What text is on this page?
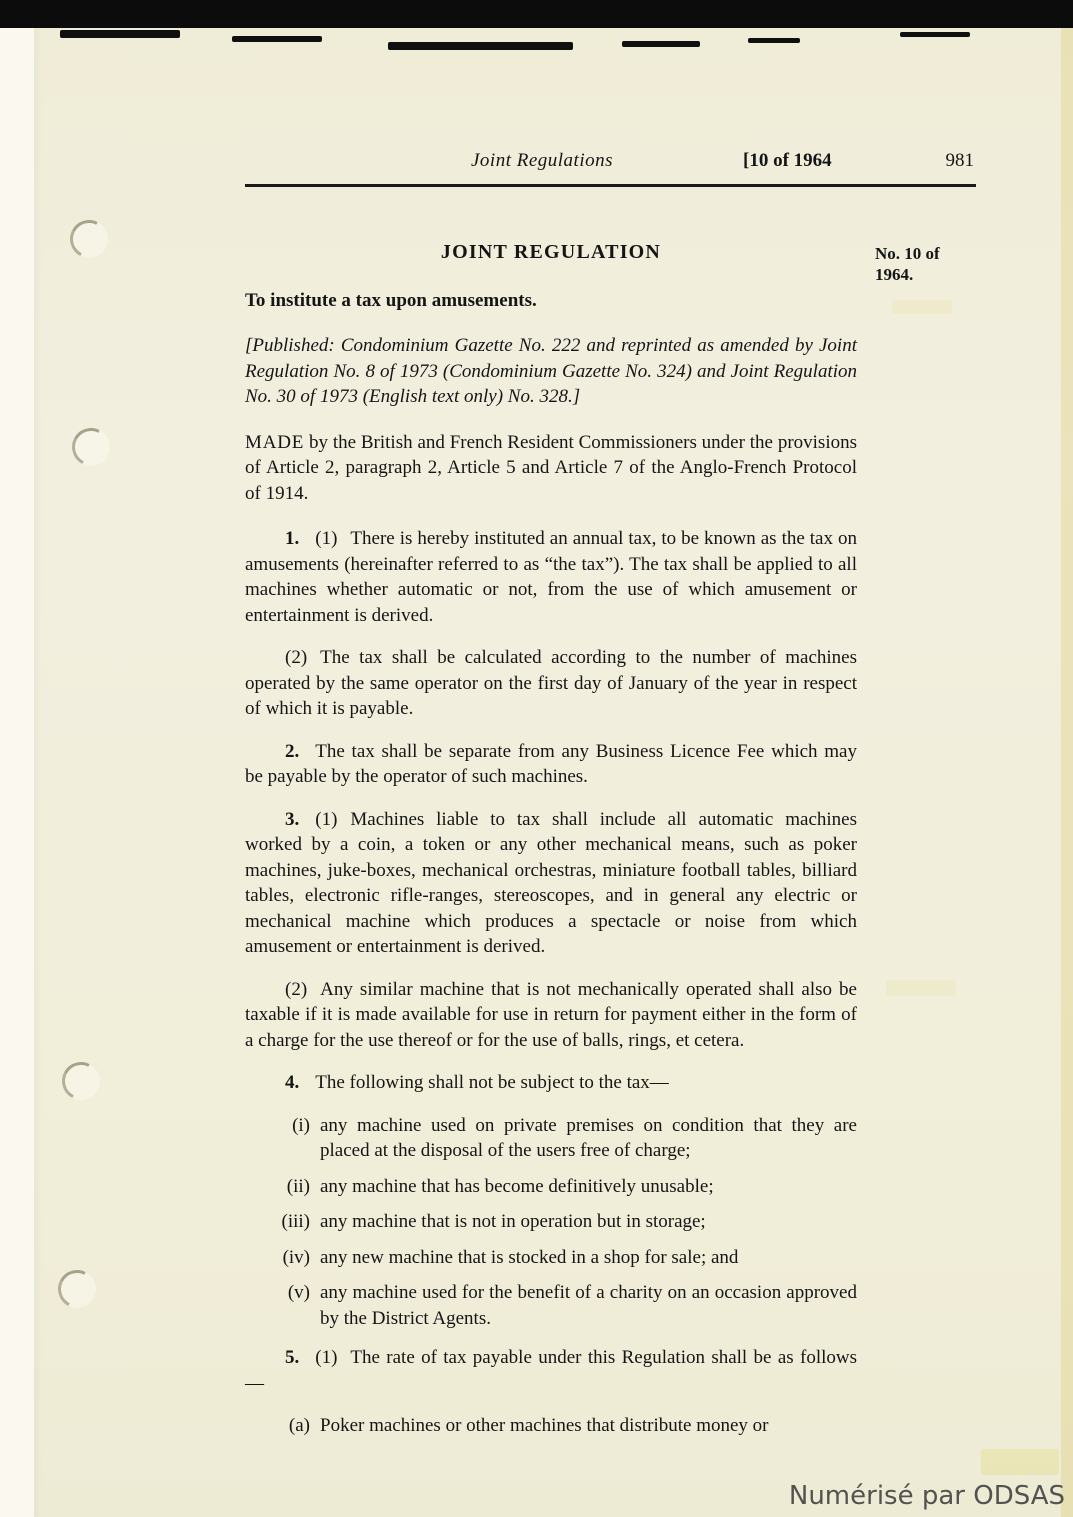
Joint Regulations	[10 of 1964	981
No. 10 of 1964.
JOINT REGULATION

To institute a tax upon amusements.

[Published: Condominium Gazette No. 222 and reprinted as amended by Joint Regulation No. 8 of 1973 (Condominium Gazette No. 324) and Joint Regulation No. 30 of 1973 (English text only) No. 328.]

MADE by the British and French Resident Commissioners under the provisions of Article 2, paragraph 2, Article 5 and Article 7 of the Anglo-French Protocol of 1914.

1. (1) There is hereby instituted an annual tax, to be known as the tax on amusements (hereinafter referred to as “the tax”). The tax shall be applied to all machines whether automatic or not, from the use of which amusement or entertainment is derived.

(2) The tax shall be calculated according to the number of machines operated by the same operator on the first day of January of the year in respect of which it is payable.

2. The tax shall be separate from any Business Licence Fee which may be payable by the operator of such machines.

3. (1) Machines liable to tax shall include all automatic machines worked by a coin, a token or any other mechanical means, such as poker machines, juke-boxes, mechanical orchestras, miniature football tables, billiard tables, electronic rifle-ranges, stereoscopes, and in general any electric or mechanical machine which produces a spectacle or noise from which amusement or entertainment is derived.

(2) Any similar machine that is not mechanically operated shall also be taxable if it is made available for use in return for payment either in the form of a charge for the use thereof or for the use of balls, rings, et cetera.

4. The following shall not be subject to the tax—

(i) any machine used on private premises on condition that they are placed at the disposal of the users free of charge;
(ii) any machine that has become definitively unusable;
(iii) any machine that is not in operation but in storage;
(iv) any new machine that is stocked in a shop for sale; and
(v) any machine used for the benefit of a charity on an occasion approved by the District Agents.

5. (1) The rate of tax payable under this Regulation shall be as follows—

(a) Poker machines or other machines that distribute money or
Numérisé par ODSAS
